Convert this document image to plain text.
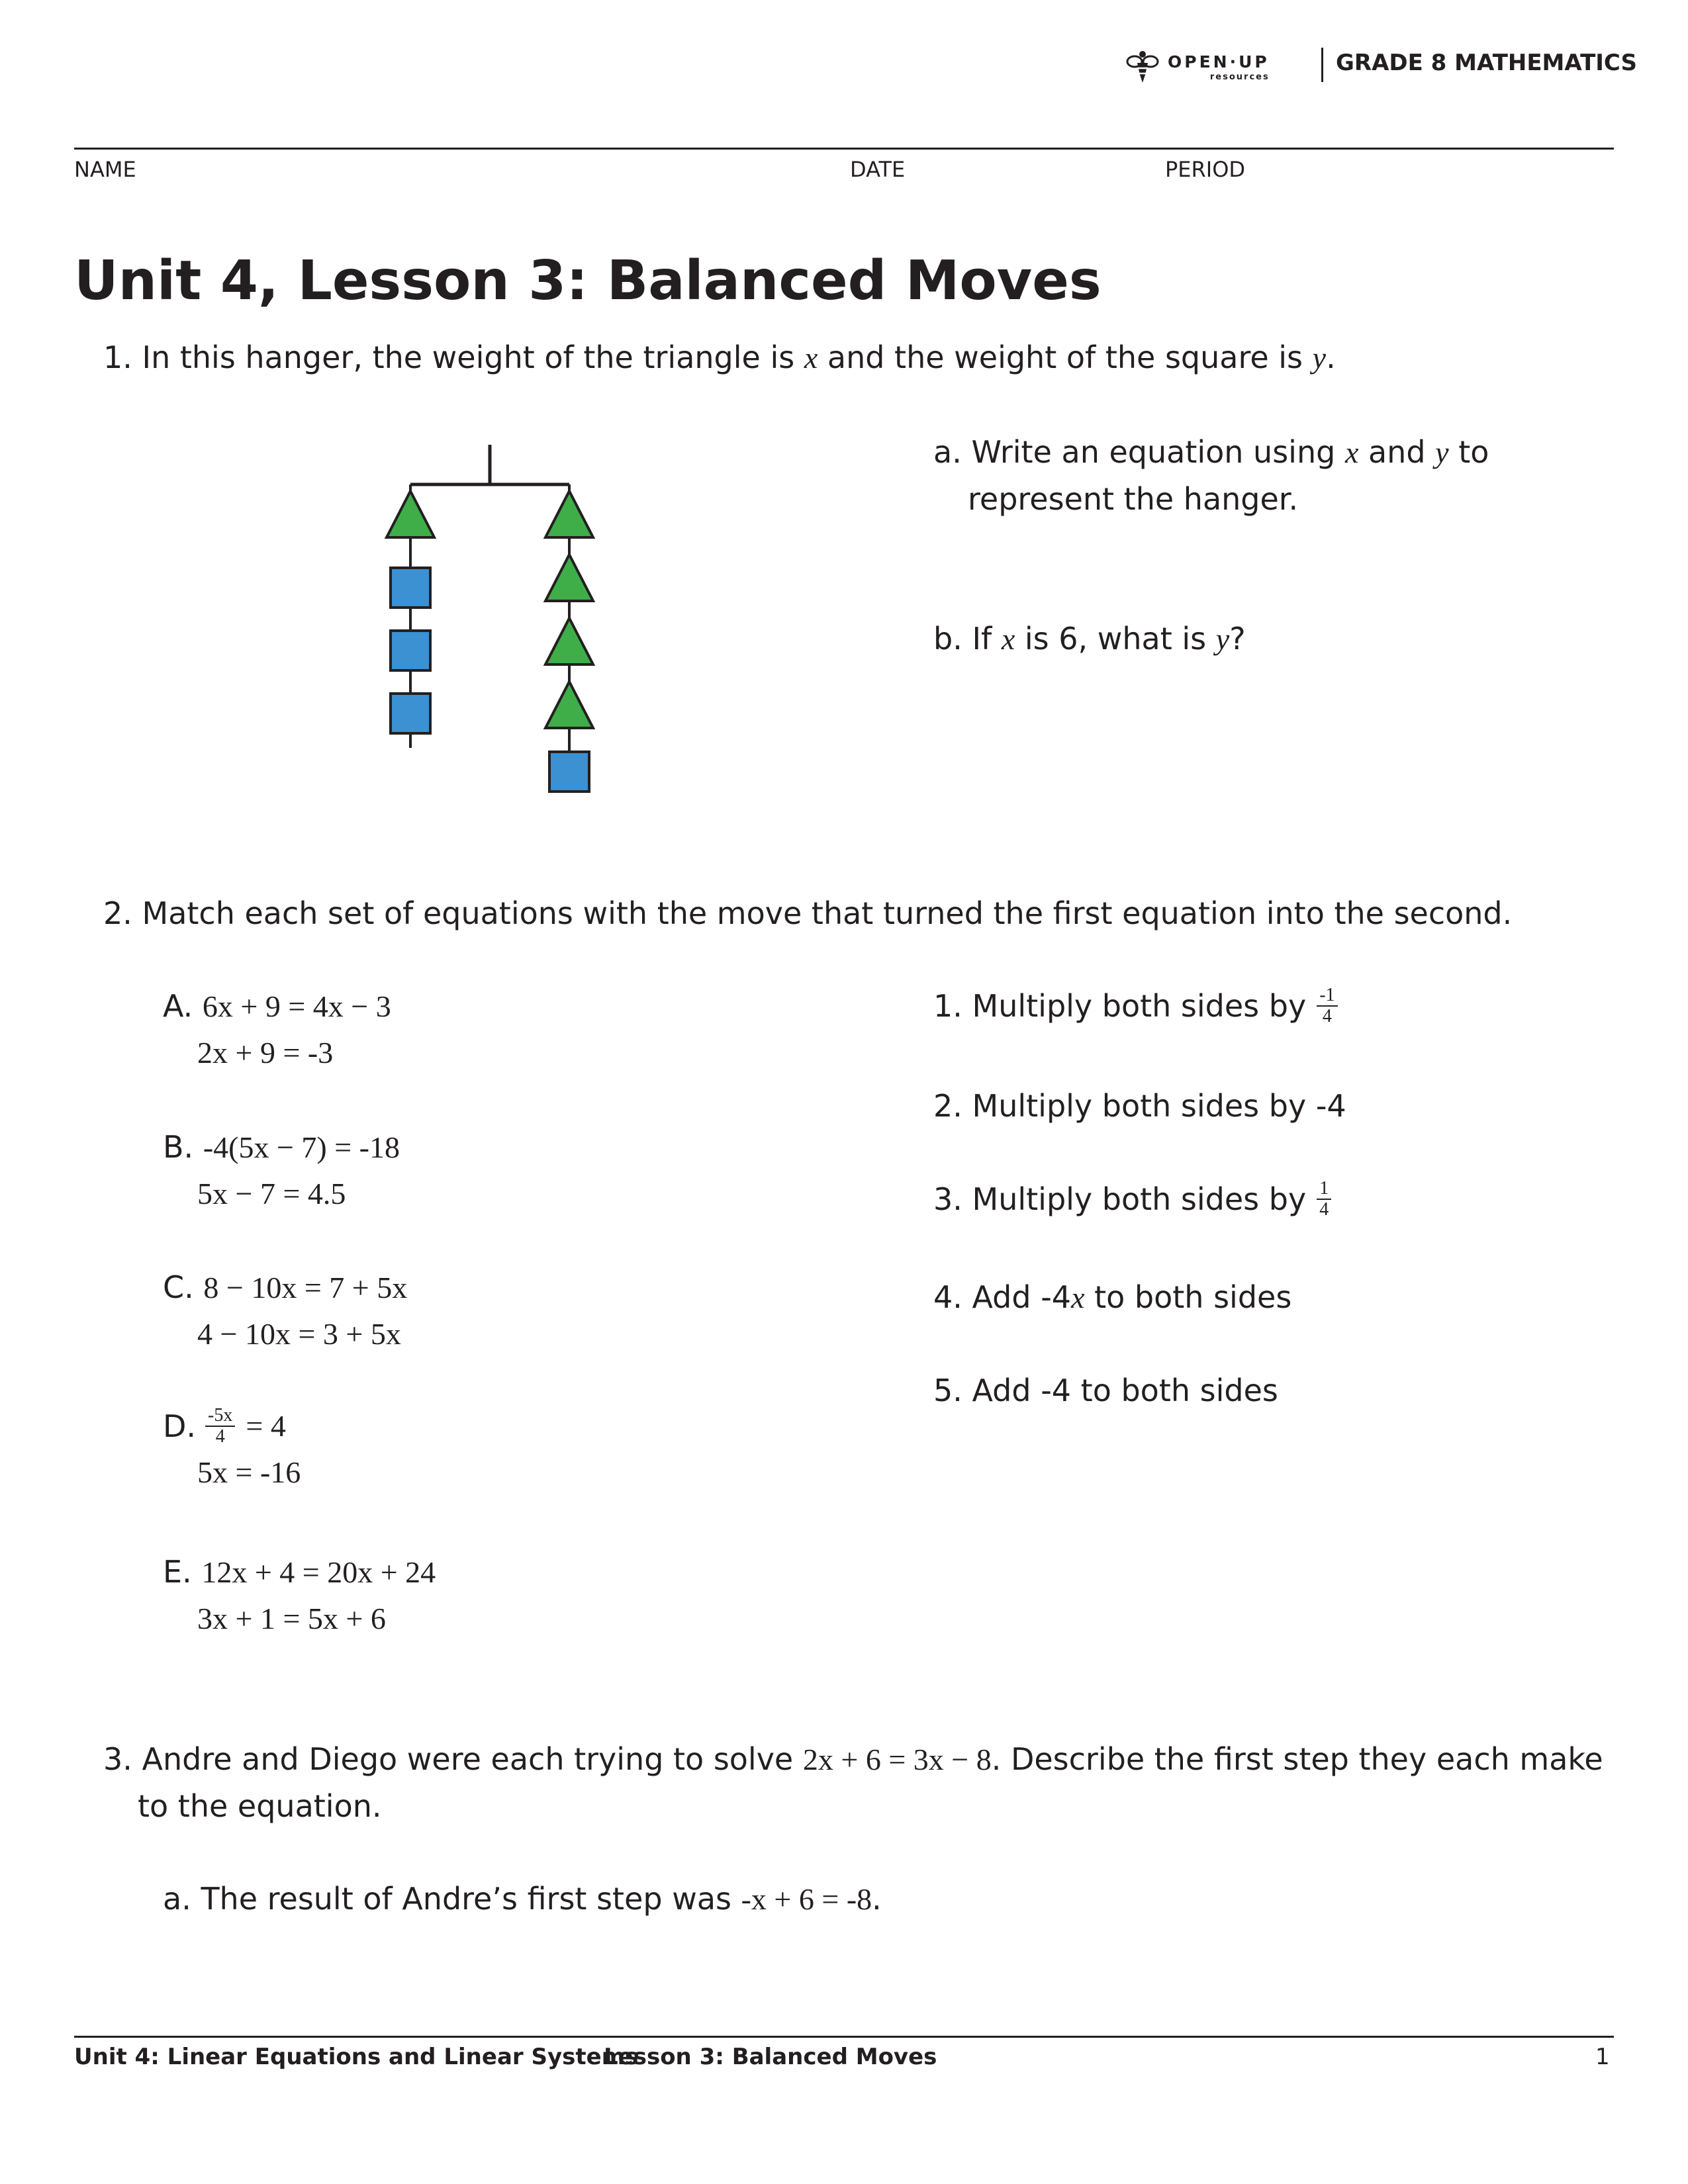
OPEN·UP
resources
GRADE 8 MATHEMATICS
NAME	DATE	PERIOD
Unit 4, Lesson 3: Balanced Moves
1. In this hanger, the weight of the triangle is x and the weight of the square is y.
a. Write an equation using x and y to
represent the hanger.
b. If x is 6, what is y?
2. Match each set of equations with the move that turned the first equation into the second.
A. 6x + 9 = 4x − 3
2x + 9 = -3
B. -4(5x − 7) = -18
5x − 7 = 4.5
C. 8 − 10x = 7 + 5x
4 − 10x = 3 + 5x
D. $\frac{-5x}{4} = 4$
5x = -16
E. 12x + 4 = 20x + 24
3x + 1 = 5x + 6
1.
Multiply both sides by $\frac{-1}{4}$
2. Multiply both sides by -4
3.
Multiply both sides by $\frac{1}{4}$
4. Add -4x to both sides
5. Add -4 to both sides
3. Andre and Diego were each trying to solve 2x + 6 = 3x − 8. Describe the first step they each make
to the equation.
a. The result of Andre’s first step was -x + 6 = -8.
Unit 4: Linear Equations and Linear Systems
Lesson 3: Balanced Moves	1
